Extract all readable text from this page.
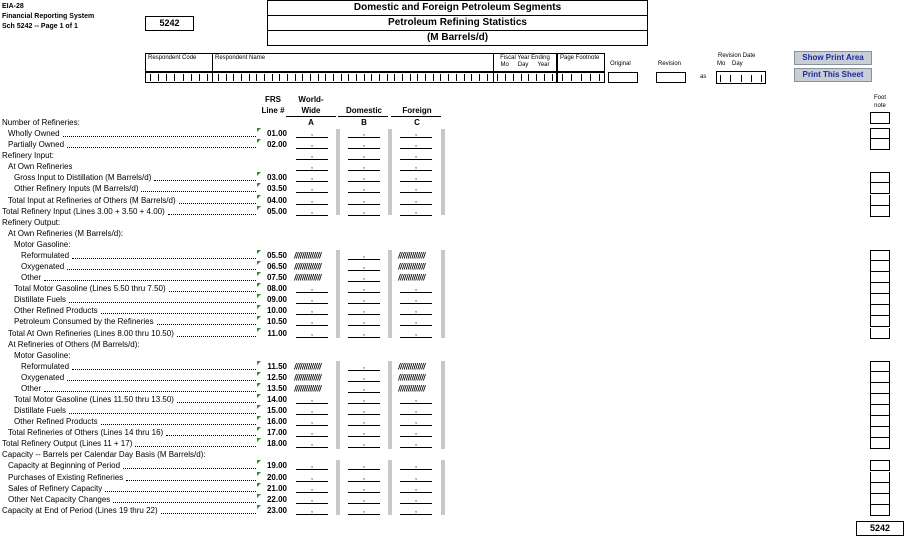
EIA-28
Financial Reporting System
Sch 5242 -- Page 1 of 1	5242
Domestic and Foreign Petroleum Segments
Petroleum Refining Statistics
(M Barrels/d)
Respondent Code	Respondent Name	Fiscal Year Ending
Mo Day Year
Page Footnote
Original	Revision
as
Revision Date
Mo Day
Show Print Area
Print This Sheet
FRS
Line #
World-
Wide	Domestic	Foreign
A	B	C
Foot
note
Number of Refineries:
Wholly Owned	01.00	,	,	,
Partially Owned	02.00	,	,	,
Refinery Input:	,	,	,
At Own Refineries	,	,	,
Gross Input to Distillation (M Barrels/d)	03.00	,	,	,
Other Refinery Inputs (M Barrels/d)	03.50	,	,	,
Total Input at Refineries of Others (M Barrels/d)	04.00	,	,	,
Total Refinery Input (Lines 3.00 + 3.50 + 4.00)	05.00	,	,	,
Refinery Output:
At Own Refineries (M Barrels/d):
Motor Gasoline:
Reformulated	05.50 //////////////	,	//////////////
Oxygenated	06.50 //////////////	,	//////////////
Other	07.50 //////////////	,	//////////////
Total Motor Gasoline (Lines 5.50 thru 7.50)	08.00	,	,	,
Distillate Fuels	09.00	,	,	,
Other Refined Products	10.00	,	,	,
Petroleum Consumed by the Refineries	10.50	,	,	,
Total At Own Refineries (Lines 8.00 thru 10.50)	11.00	,	,	,
At Refineries of Others (M Barrels/d):
Motor Gasoline:
Reformulated	11.50 //////////////	,	//////////////
Oxygenated	12.50 //////////////	,	//////////////
Other	13.50 //////////////	,	//////////////
Total Motor Gasoline (Lines 11.50 thru 13.50)	14.00	,	,	,
Distillate Fuels	15.00	,	,	,
Other Refined Products	16.00	,	,	,
Total Refineries of Others (Lines 14 thru 16)	17.00	,	,	,
Total Refinery Output (Lines 11 + 17)	18.00	,	,	,
Capacity -- Barrels per Calendar Day Basis (M Barrels/d):
Capacity at Beginning of Period	19.00	,	,	,
Purchases of Existing Refineries	20.00	,	,	,
Sales of Refinery Capacity	21.00	,	,	,
Other Net Capacity Changes	22.00	,	,	,
Capacity at End of Period (Lines 19 thru 22)	23.00	,	,	,
5242
